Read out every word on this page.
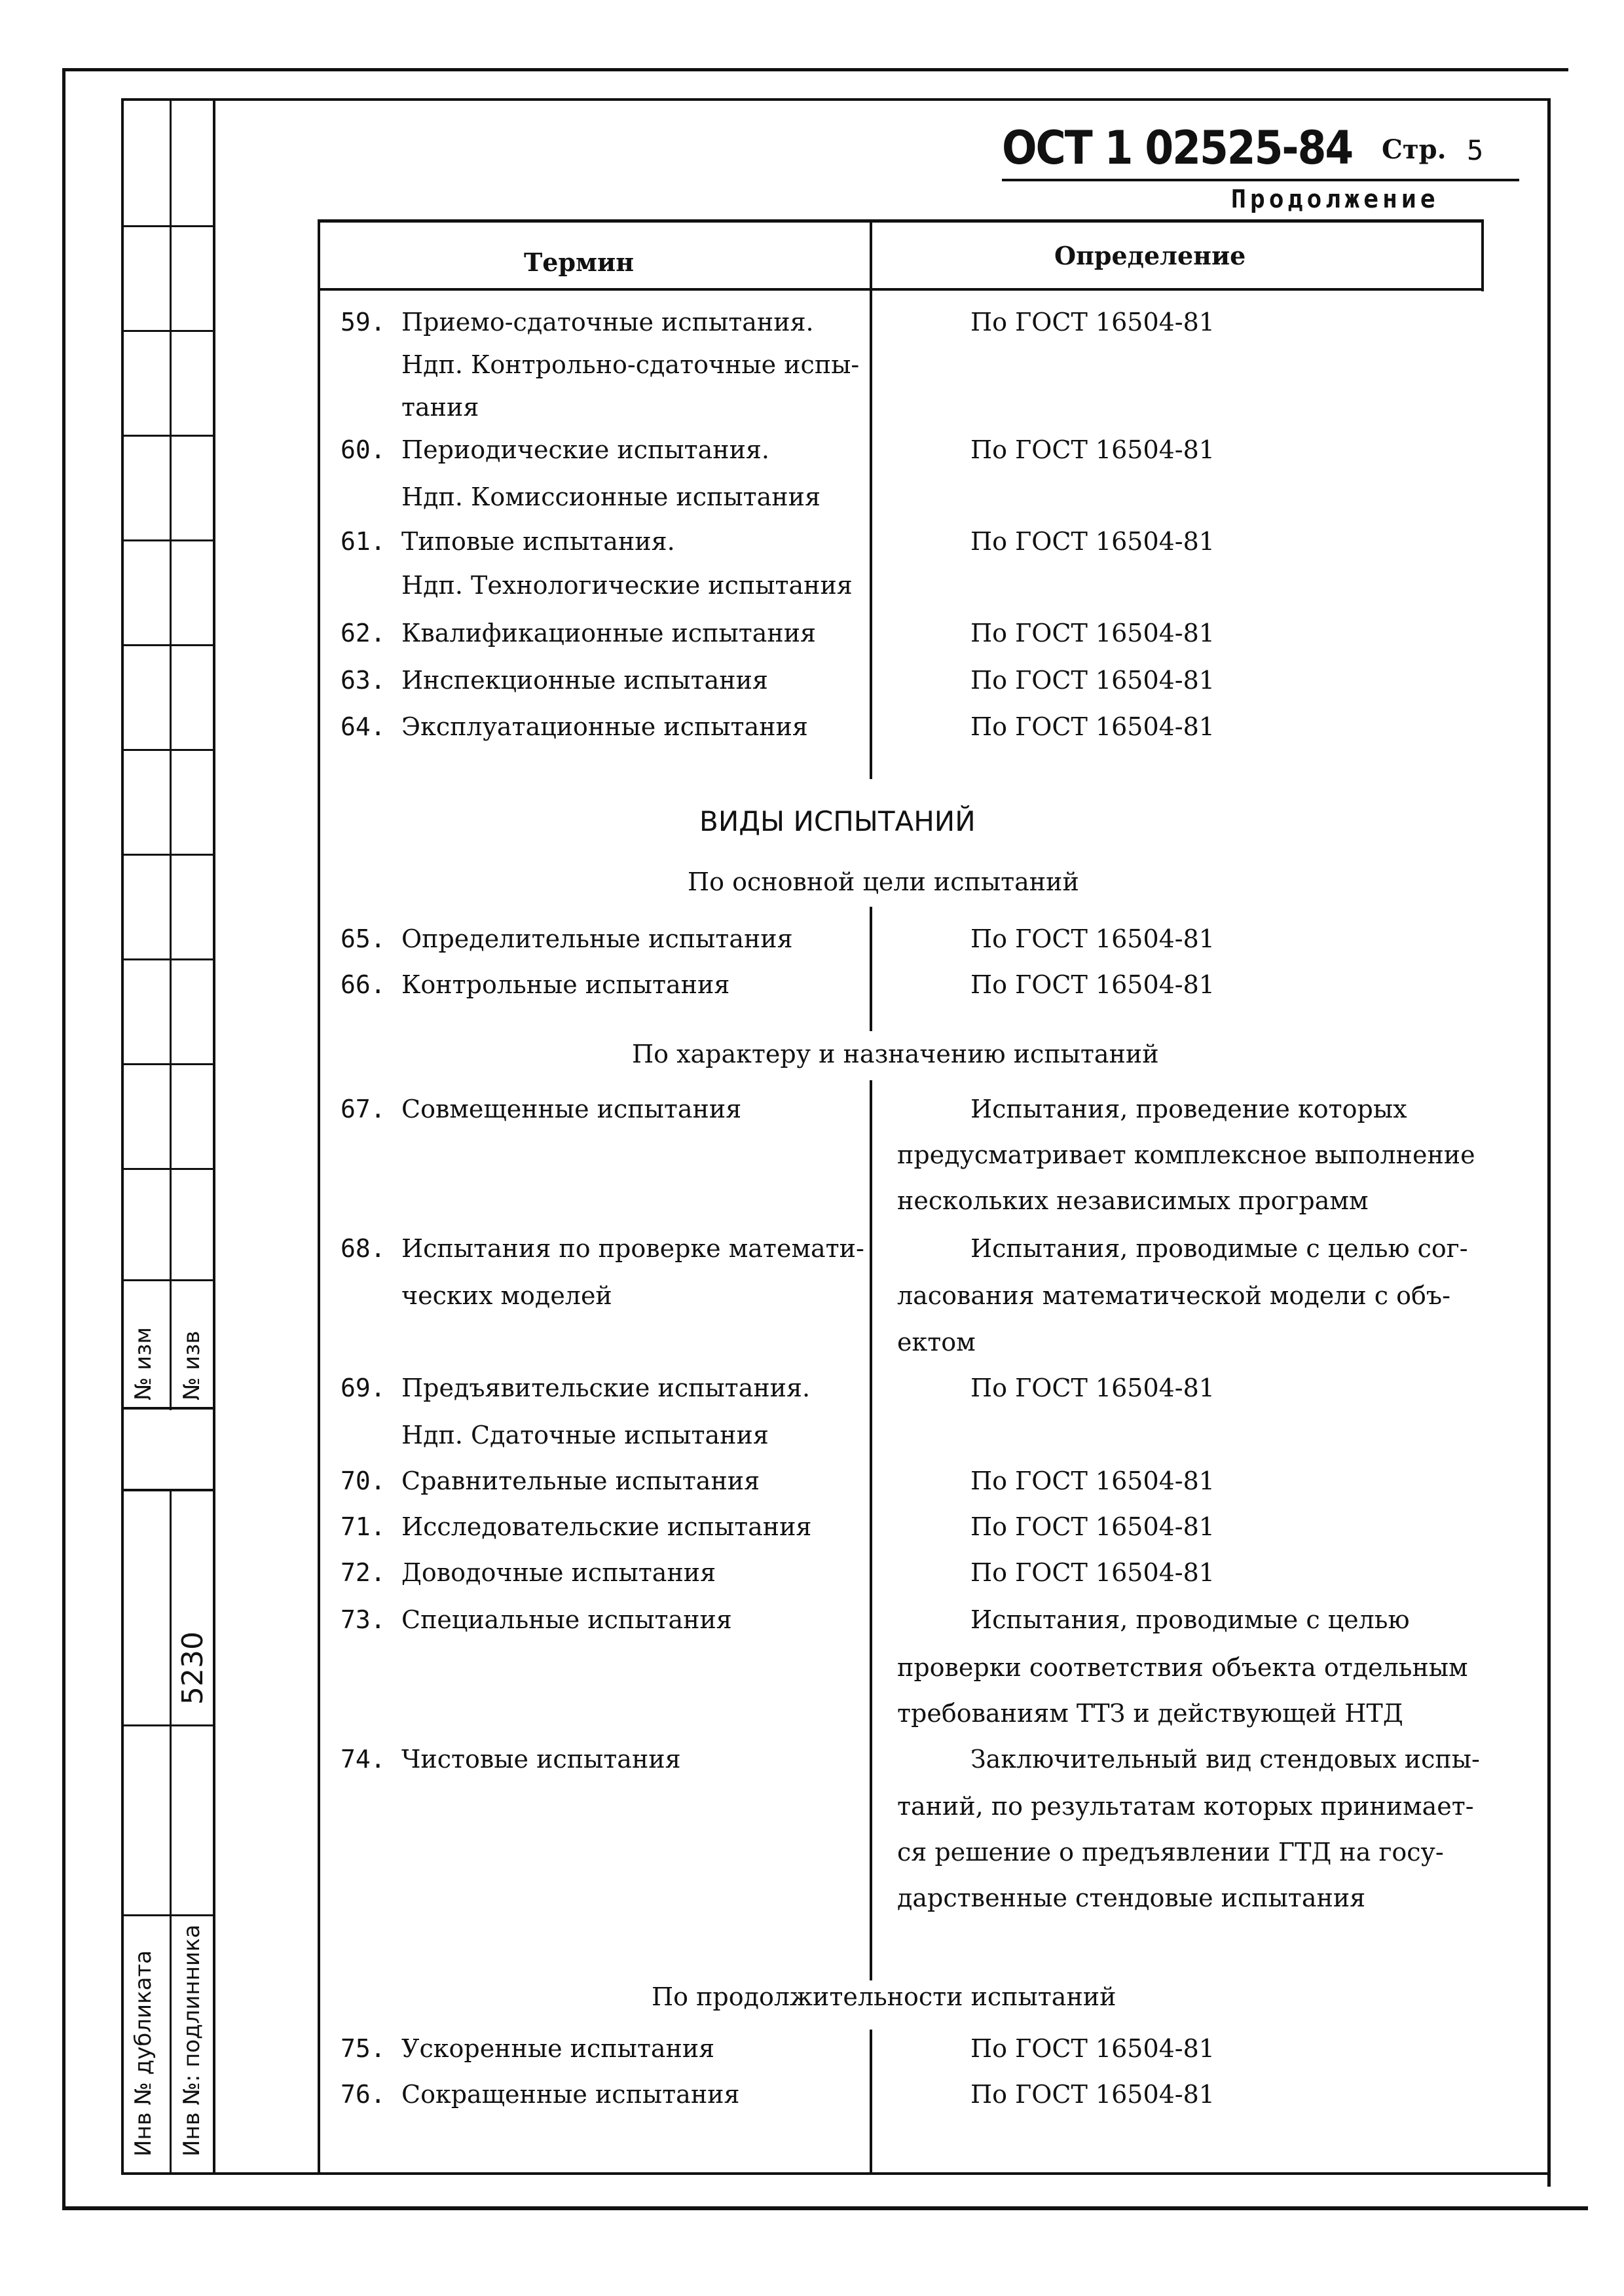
№ изм № изв
5230
Инв № дубликата Инв №: подлинника
ОСТ 1 02525-84 Стр. 5
Продолжение
Термин	Определение
ВИДЫ ИСПЫТАНИЙ
По основной цели испытаний
По характеру и назначению испытаний
По продолжительности испытаний
59. Приемо-сдаточные испытания.	По ГОСТ 16504-81
Ндп. Контрольно-сдаточные испы-
тания
60. Периодические испытания.	По ГОСТ 16504-81
Ндп. Комиссионные испытания
61. Типовые испытания.	По ГОСТ 16504-81
Ндп. Технологические испытания
62. Квалификационные испытания	По ГОСТ 16504-81
63. Инспекционные испытания	По ГОСТ 16504-81
64. Эксплуатационные испытания	По ГОСТ 16504-81
65. Определительные испытания	По ГОСТ 16504-81
66. Контрольные испытания	По ГОСТ 16504-81
67. Совмещенные испытания	Испытания, проведение которых
предусматривает комплексное выполнение
нескольких независимых программ
68. Испытания по проверке математи-	Испытания, проводимые с целью сог-
ческих моделей	ласования математической модели с объ-
ектом
69. Предъявительские испытания.	По ГОСТ 16504-81
Ндп. Сдаточные испытания
70. Сравнительные испытания	По ГОСТ 16504-81
71. Исследовательские испытания	По ГОСТ 16504-81
72. Доводочные испытания	По ГОСТ 16504-81
73. Специальные испытания	Испытания, проводимые с целью
проверки соответствия объекта отдельным
требованиям ТТЗ и действующей НТД
74. Чистовые испытания	Заключительный вид стендовых испы-
таний, по результатам которых принимает-
ся решение о предъявлении ГТД на госу-
дарственные стендовые испытания
75. Ускоренные испытания	По ГОСТ 16504-81
76. Сокращенные испытания	По ГОСТ 16504-81
